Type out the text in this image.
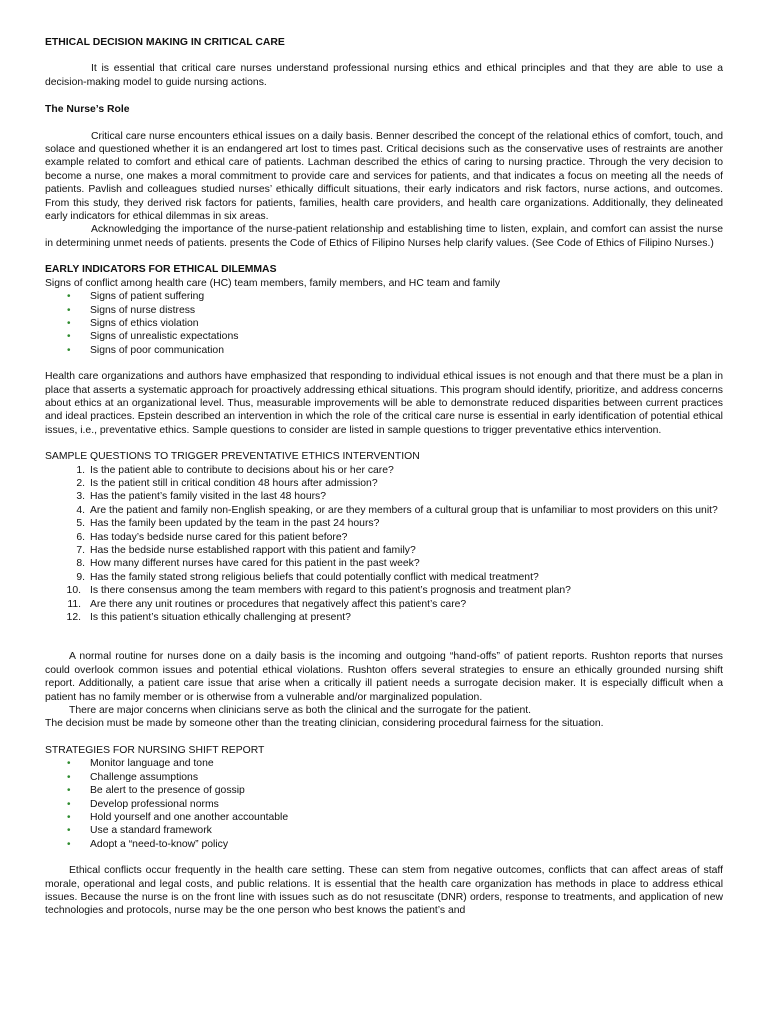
ETHICAL DECISION MAKING IN CRITICAL CARE

It is essential that critical care nurses understand professional nursing ethics and ethical principles and that they are able to use a decision-making model to guide nursing actions.

The Nurse’s Role

Critical care nurse encounters ethical issues on a daily basis. Benner described the concept of the relational ethics of comfort, touch, and solace and questioned whether it is an endangered art lost to times past. Critical decisions such as the conservative uses of restraints are another example related to comfort and ethical care of patients. Lachman described the ethics of caring to nursing practice. Through the very decision to become a nurse, one makes a moral commitment to provide care and services for patients, and that indicates a focus on meeting all the needs of patients. Pavlish and colleagues studied nurses’ ethically difficult situations, their early indicators and risk factors, nurse actions, and outcomes. From this study, they derived risk factors for patients, families, health care providers, and health care organizations. Additionally, they delineated early indicators for ethical dilemmas in six areas.

Acknowledging the importance of the nurse-patient relationship and establishing time to listen, explain, and comfort can assist the nurse in determining unmet needs of patients. presents the Code of Ethics of Filipino Nurses help clarify values. (See Code of Ethics of Filipino Nurses.)

EARLY INDICATORS FOR ETHICAL DILEMMAS

Signs of conflict among health care (HC) team members, family members, and HC team and family

• Signs of patient suffering
• Signs of nurse distress
• Signs of ethics violation
• Signs of unrealistic expectations
• Signs of poor communication

Health care organizations and authors have emphasized that responding to individual ethical issues is not enough and that there must be a plan in place that asserts a systematic approach for proactively addressing ethical situations. This program should identify, prioritize, and address concerns about ethics at an organizational level. Thus, measurable improvements will be able to demonstrate reduced disparities between current practices and ideal practices. Epstein described an intervention in which the role of the critical care nurse is essential in early identification of potential ethical issues, i.e., preventative ethics. Sample questions to consider are listed in sample questions to trigger preventative ethics intervention.

SAMPLE QUESTIONS TO TRIGGER PREVENTATIVE ETHICS INTERVENTION

1. Is the patient able to contribute to decisions about his or her care?
2. Is the patient still in critical condition 48 hours after admission?
3. Has the patient’s family visited in the last 48 hours?
4. Are the patient and family non-English speaking, or are they members of a cultural group that is unfamiliar to most providers on this unit?
5. Has the family been updated by the team in the past 24 hours?
6. Has today’s bedside nurse cared for this patient before?
7. Has the bedside nurse established rapport with this patient and family?
8. How many different nurses have cared for this patient in the past week?
9. Has the family stated strong religious beliefs that could potentially conflict with medical treatment?
10. Is there consensus among the team members with regard to this patient’s prognosis and treatment plan?
11. Are there any unit routines or procedures that negatively affect this patient’s care?
12. Is this patient’s situation ethically challenging at present?

A normal routine for nurses done on a daily basis is the incoming and outgoing “hand-offs” of patient reports. Rushton reports that nurses could overlook common issues and potential ethical violations. Rushton offers several strategies to ensure an ethically grounded nursing shift report. Additionally, a patient care issue that arise when a critically ill patient needs a surrogate decision maker. It is especially difficult when a patient has no family member or is otherwise from a vulnerable and/or marginalized population.

There are major concerns when clinicians serve as both the clinical and the surrogate for the patient.

The decision must be made by someone other than the treating clinician, considering procedural fairness for the situation.

STRATEGIES FOR NURSING SHIFT REPORT

• Monitor language and tone
• Challenge assumptions
• Be alert to the presence of gossip
• Develop professional norms
• Hold yourself and one another accountable
• Use a standard framework
• Adopt a “need-to-know” policy

Ethical conflicts occur frequently in the health care setting. These can stem from negative outcomes, conflicts that can affect areas of staff morale, operational and legal costs, and public relations. It is essential that the health care organization has methods in place to address ethical issues. Because the nurse is on the front line with issues such as do not resuscitate (DNR) orders, response to treatments, and application of new technologies and protocols, nurse may be the one person who best knows the patient’s and
